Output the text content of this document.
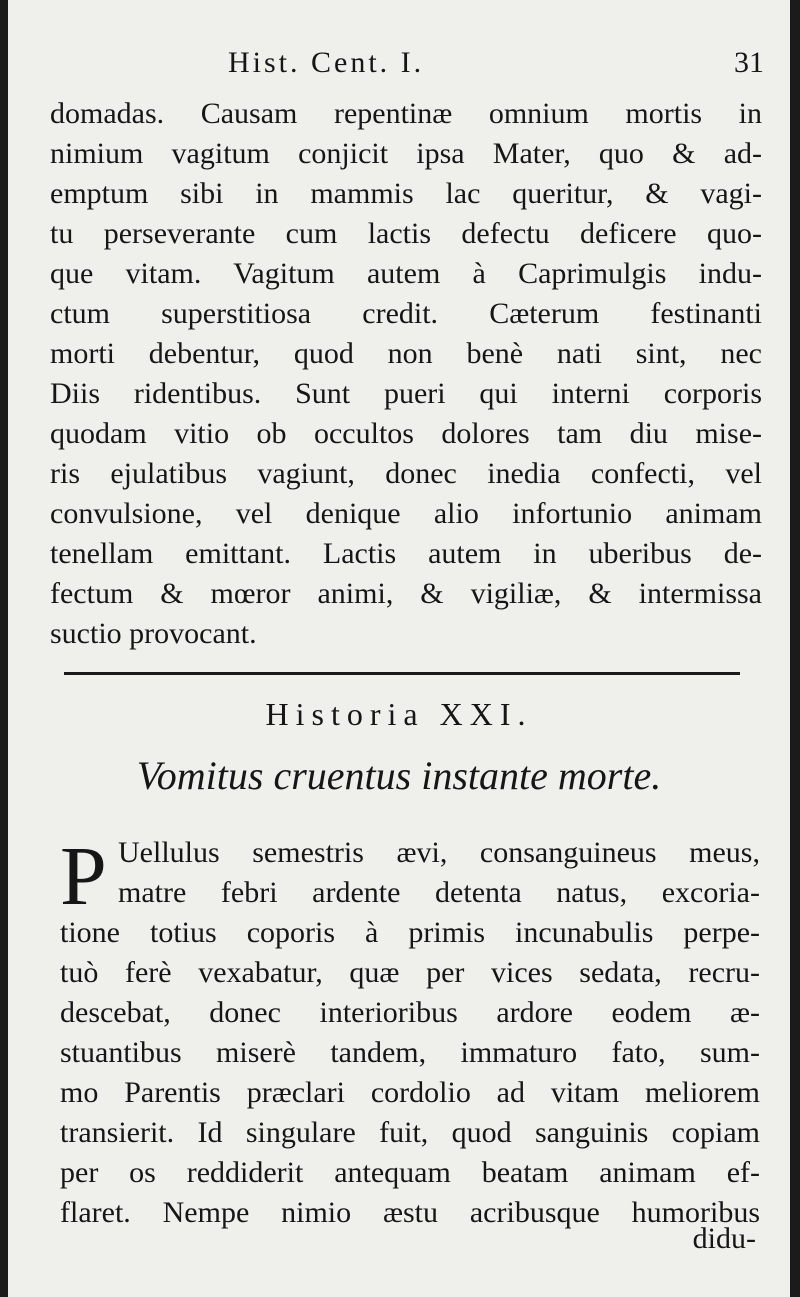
Hist. Cent. I.	31
domadas. Causam repentinæ omnium mortis in
nimium vagitum conjicit ipsa Mater, quo & ad-
emptum sibi in mammis lac queritur, & vagi-
tu perseverante cum lactis defectu deficere quo-
que vitam. Vagitum autem à Caprimulgis indu-
ctum superstitiosa credit. Cæterum festinanti
morti debentur, quod non benè nati sint, nec
Diis ridentibus. Sunt pueri qui interni corporis
quodam vitio ob occultos dolores tam diu mise-
ris ejulatibus vagiunt, donec inedia confecti, vel
convulsione, vel denique alio infortunio animam
tenellam emittant. Lactis autem in uberibus de-
fectum & mœror animi, & vigiliæ, & intermissa
suctio provocant.
Historia XXI.
Vomitus cruentus instante morte.
P Uellulus semestris ævi, consanguineus meus,
matre febri ardente detenta natus, excoria-
tione totius coporis à primis incunabulis perpe-
tuò ferè vexabatur, quæ per vices sedata, recru-
descebat, donec interioribus ardore eodem æ-
stuantibus miserè tandem, immaturo fato, sum-
mo Parentis præclari cordolio ad vitam meliorem
transierit. Id singulare fuit, quod sanguinis copiam
per os reddiderit antequam beatam animam ef-
flaret. Nempe nimio æstu acribusque humoribus
didu-
